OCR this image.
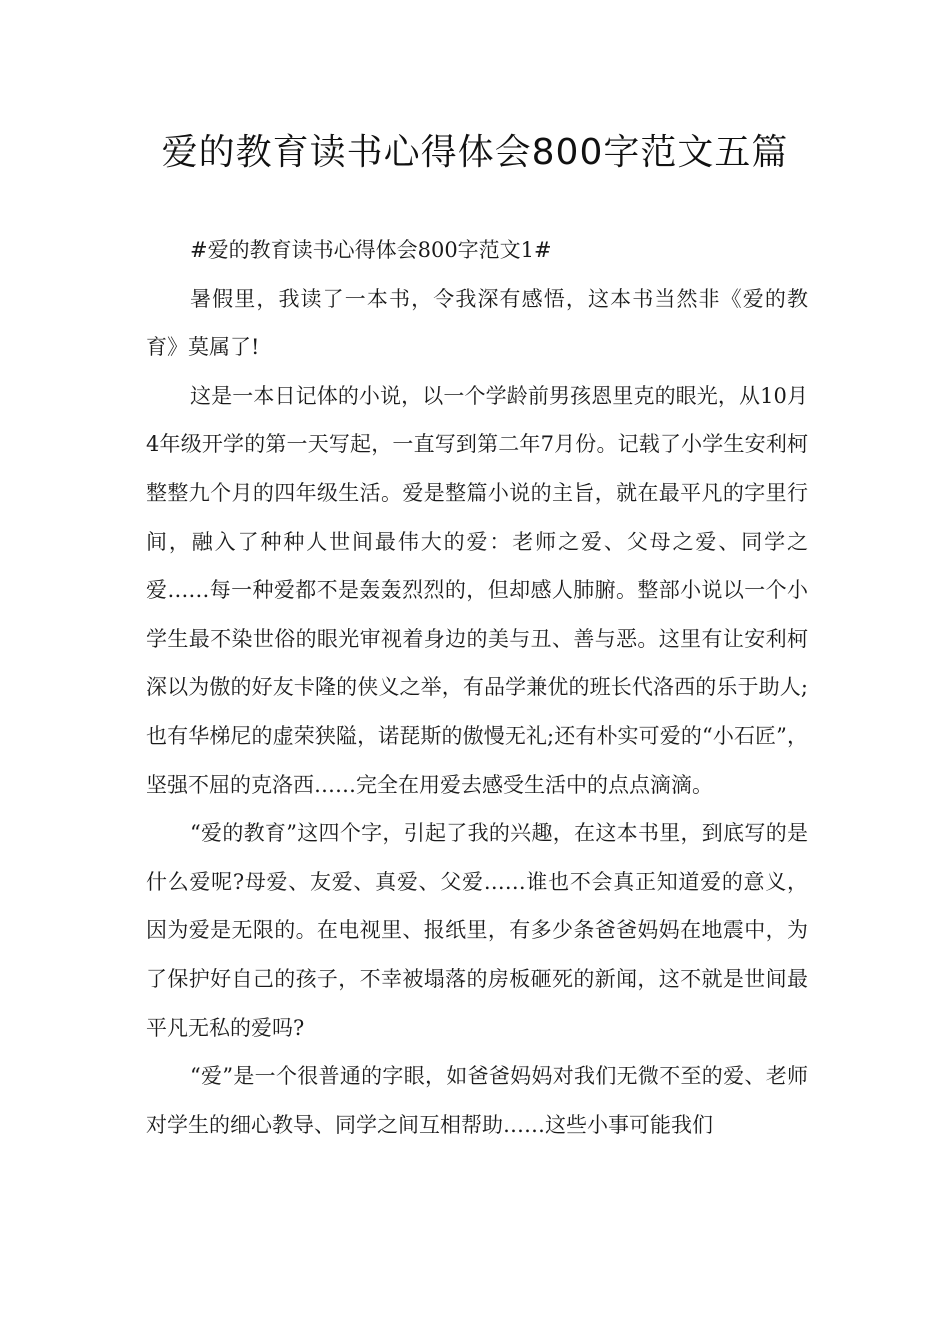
爱的教育读书心得体会800字范文五篇

#爱的教育读书心得体会800字范文1#

暑假里，我读了一本书，令我深有感悟，这本书当然非《爱的教育》莫属了!

这是一本日记体的小说，以一个学龄前男孩恩里克的眼光，从10月4年级开学的第一天写起，一直写到第二年7月份。记载了小学生安利柯整整九个月的四年级生活。爱是整篇小说的主旨，就在最平凡的字里行间，融入了种种人世间最伟大的爱：老师之爱、父母之爱、同学之爱……每一种爱都不是轰轰烈烈的，但却感人肺腑。整部小说以一个小学生最不染世俗的眼光审视着身边的美与丑、善与恶。这里有让安利柯深以为傲的好友卡隆的侠义之举，有品学兼优的班长代洛西的乐于助人;也有华梯尼的虚荣狭隘，诺琵斯的傲慢无礼;还有朴实可爱的“小石匠”，坚强不屈的克洛西……完全在用爱去感受生活中的点点滴滴。

“爱的教育”这四个字，引起了我的兴趣，在这本书里，到底写的是什么爱呢?母爱、友爱、真爱、父爱……谁也不会真正知道爱的意义，因为爱是无限的。在电视里、报纸里，有多少条爸爸妈妈在地震中，为了保护好自己的孩子，不幸被塌落的房板砸死的新闻，这不就是世间最平凡无私的爱吗?

“爱”是一个很普通的字眼，如爸爸妈妈对我们无微不至的爱、老师对学生的细心教导、同学之间互相帮助……这些小事可能我们
